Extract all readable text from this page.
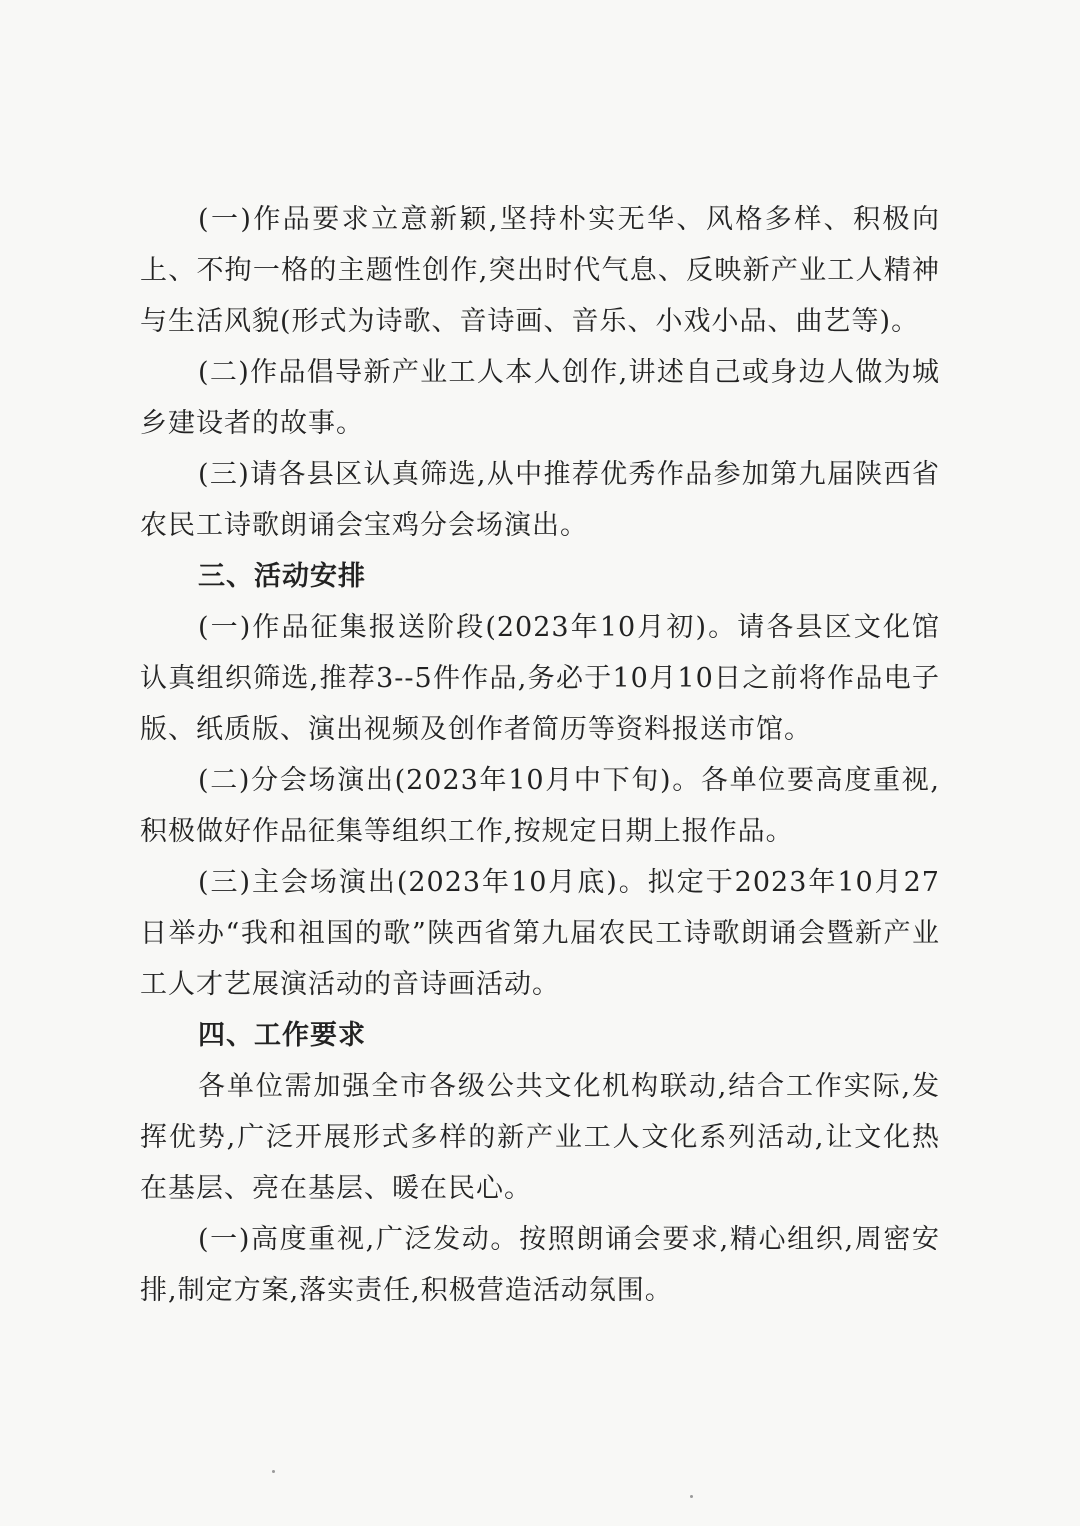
(一)作品要求立意新颖,坚持朴实无华、风格多样、积极向上、不拘一格的主题性创作,突出时代气息、反映新产业工人精神与生活风貌(形式为诗歌、音诗画、音乐、小戏小品、曲艺等)。

(二)作品倡导新产业工人本人创作,讲述自己或身边人做为城乡建设者的故事。

(三)请各县区认真筛选,从中推荐优秀作品参加第九届陕西省农民工诗歌朗诵会宝鸡分会场演出。

三、活动安排

(一)作品征集报送阶段(2023年10月初)。请各县区文化馆认真组织筛选,推荐3--5件作品,务必于10月10日之前将作品电子版、纸质版、演出视频及创作者简历等资料报送市馆。

(二)分会场演出(2023年10月中下旬)。各单位要高度重视,积极做好作品征集等组织工作,按规定日期上报作品。

(三)主会场演出(2023年10月底)。拟定于2023年10月27日举办“我和祖国的歌”陕西省第九届农民工诗歌朗诵会暨新产业工人才艺展演活动的音诗画活动。

四、工作要求

各单位需加强全市各级公共文化机构联动,结合工作实际,发挥优势,广泛开展形式多样的新产业工人文化系列活动,让文化热在基层、亮在基层、暖在民心。

(一)高度重视,广泛发动。按照朗诵会要求,精心组织,周密安排,制定方案,落实责任,积极营造活动氛围。
